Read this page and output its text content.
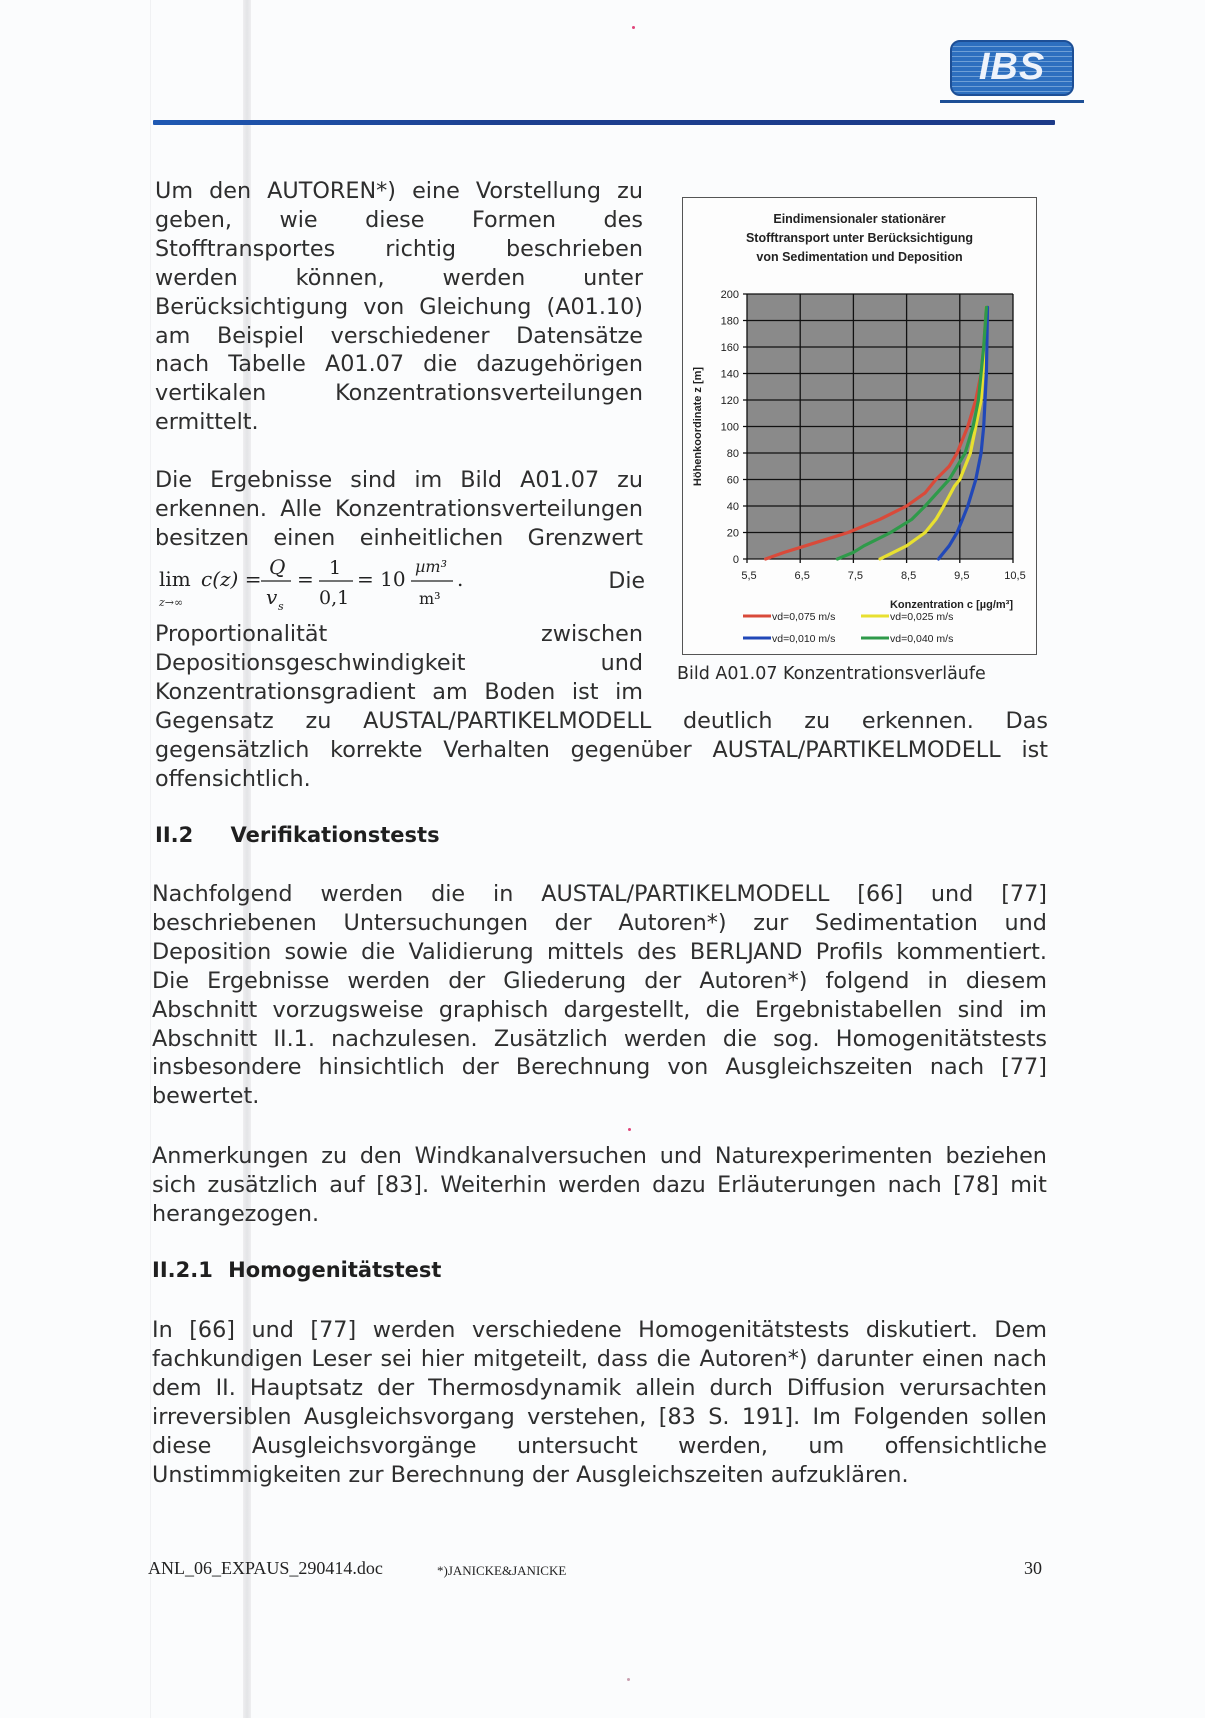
IBS
Um den AUTOREN*) eine Vorstellung zu
geben, wie diese Formen des
Stofftransportes richtig beschrieben
werden	können,	werden	unter
Berücksichtigung von Gleichung (A01.10)
am Beispiel verschiedener Datensätze
nach Tabelle A01.07 die dazugehörigen
vertikalen	Konzentrationsverteilungen
ermittelt.
Die Ergebnisse sind im Bild A01.07 zu
erkennen. Alle Konzentrationsverteilungen
besitzen einen einheitlichen Grenzwert
lim
z→∞
c(z) = Q
v s
= 1
0,1
= 10
µm³
m³
.	Die
Proportionalität	zwischen
Depositionsgeschwindigkeit	und
Konzentrationsgradient am Boden ist im
Gegensatz zu AUSTAL/PARTIKELMODELL deutlich zu erkennen. Das
gegensätzlich korrekte Verhalten gegenüber AUSTAL/PARTIKELMODELL ist
offensichtlich.
Eindimensionaler stationärer
Stofftransport unter Berücksichtigung
von Sedimentation und Deposition
0
20
40
60
80
100
120
140
160
180
200
5,5	6,5	7,5	8,5	9,5	10,5
Höhenkoordinate z [m]
Konzentration c [µg/m³]
vd=0,075 m/s	vd=0,025 m/s
vd=0,010 m/s	vd=0,040 m/s
Bild A01.07 Konzentrationsverläufe
II.2 Verifikationstests
Nachfolgend werden die in AUSTAL/PARTIKELMODELL [66] und [77]
beschriebenen Untersuchungen der Autoren*) zur Sedimentation und
Deposition sowie die Validierung mittels des BERLJAND Profils kommentiert.
Die Ergebnisse werden der Gliederung der Autoren*) folgend in diesem
Abschnitt vorzugsweise graphisch dargestellt, die Ergebnistabellen sind im
Abschnitt II.1. nachzulesen. Zusätzlich werden die sog. Homogenitätstests
insbesondere hinsichtlich der Berechnung von Ausgleichszeiten nach [77]
bewertet.
Anmerkungen zu den Windkanalversuchen und Naturexperimenten beziehen
sich zusätzlich auf [83]. Weiterhin werden dazu Erläuterungen nach [78] mit
herangezogen.
II.2.1 Homogenitätstest
In [66] und [77] werden verschiedene Homogenitätstests diskutiert. Dem
fachkundigen Leser sei hier mitgeteilt, dass die Autoren*) darunter einen nach
dem II. Hauptsatz der Thermosdynamik allein durch Diffusion verursachten
irreversiblen Ausgleichsvorgang verstehen, [83 S. 191]. Im Folgenden sollen
diese Ausgleichsvorgänge untersucht werden, um offensichtliche
Unstimmigkeiten zur Berechnung der Ausgleichszeiten aufzuklären.
ANL_06_EXPAUS_290414.doc	*)JANICKE&JANICKE	30
